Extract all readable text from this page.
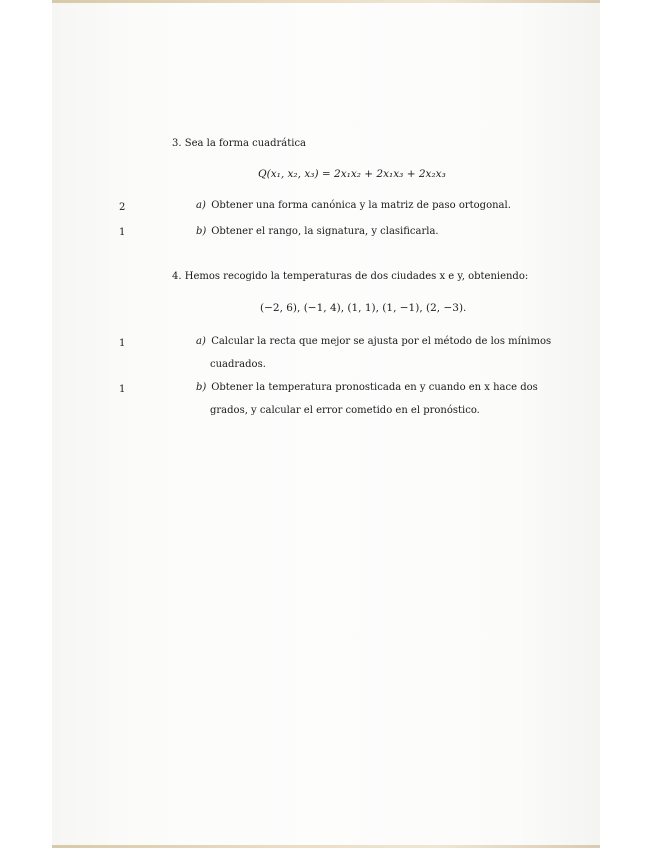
3. Sea la forma cuadrática
Q(x₁, x₂, x₃) = 2x₁x₂ + 2x₁x₃ + 2x₂x₃
2	a) Obtener una forma canónica y la matriz de paso ortogonal.
1	b) Obtener el rango, la signatura, y clasificarla.
4. Hemos recogido la temperaturas de dos ciudades x e y, obteniendo:
(−2, 6), (−1, 4), (1, 1), (1, −1), (2, −3).
1	a) Calcular la recta que mejor se ajusta por el método de los mínimos
cuadrados.
1	b) Obtener la temperatura pronosticada en y cuando en x hace dos
grados, y calcular el error cometido en el pronóstico.
